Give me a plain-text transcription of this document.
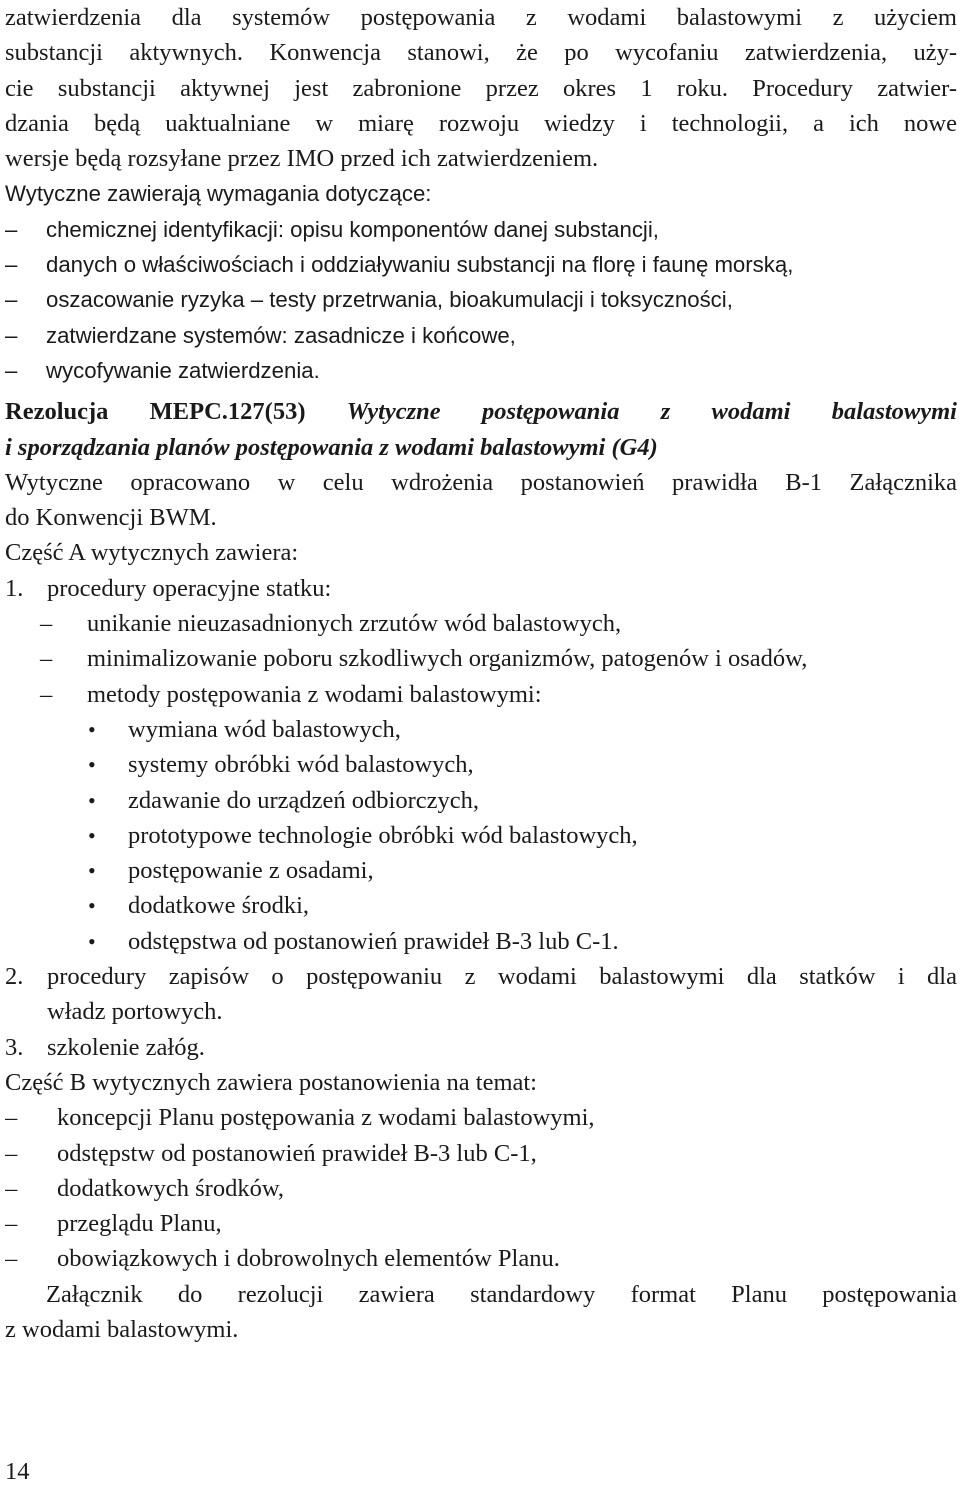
zatwierdzenia dla systemów postępowania z wodami balastowymi z użyciem
substancji aktywnych. Konwencja stanowi, że po wycofaniu zatwierdzenia, uży-
cie substancji aktywnej jest zabronione przez okres 1 roku. Procedury zatwier-
dzania będą uaktualniane w miarę rozwoju wiedzy i technologii, a ich nowe
wersje będą rozsyłane przez IMO przed ich zatwierdzeniem.
Wytyczne zawierają wymagania dotyczące:
– chemicznej identyfikacji: opisu komponentów danej substancji,
– danych o właściwościach i oddziaływaniu substancji na florę i faunę morską,
– oszacowanie ryzyka – testy przetrwania, bioakumulacji i toksyczności,
– zatwierdzane systemów: zasadnicze i końcowe,
– wycofywanie zatwierdzenia.
Rezolucja MEPC.127(53) Wytyczne postępowania z wodami balastowymi
i sporządzania planów postępowania z wodami balastowymi (G4)
Wytyczne opracowano w celu wdrożenia postanowień prawidła B-1 Załącznika
do Konwencji BWM.
Część A wytycznych zawiera:
1. procedury operacyjne statku:
– unikanie nieuzasadnionych zrzutów wód balastowych,
– minimalizowanie poboru szkodliwych organizmów, patogenów i osadów,
– metody postępowania z wodami balastowymi:
• wymiana wód balastowych,
• systemy obróbki wód balastowych,
• zdawanie do urządzeń odbiorczych,
• prototypowe technologie obróbki wód balastowych,
• postępowanie z osadami,
• dodatkowe środki,
• odstępstwa od postanowień prawideł B-3 lub C-1.
2. procedury zapisów o postępowaniu z wodami balastowymi dla statków i dla
władz portowych.
3. szkolenie załóg.
Część B wytycznych zawiera postanowienia na temat:
– koncepcji Planu postępowania z wodami balastowymi,
– odstępstw od postanowień prawideł B-3 lub C-1,
– dodatkowych środków,
– przeglądu Planu,
– obowiązkowych i dobrowolnych elementów Planu.
Załącznik do rezolucji zawiera standardowy format Planu postępowania
z wodami balastowymi.
14
